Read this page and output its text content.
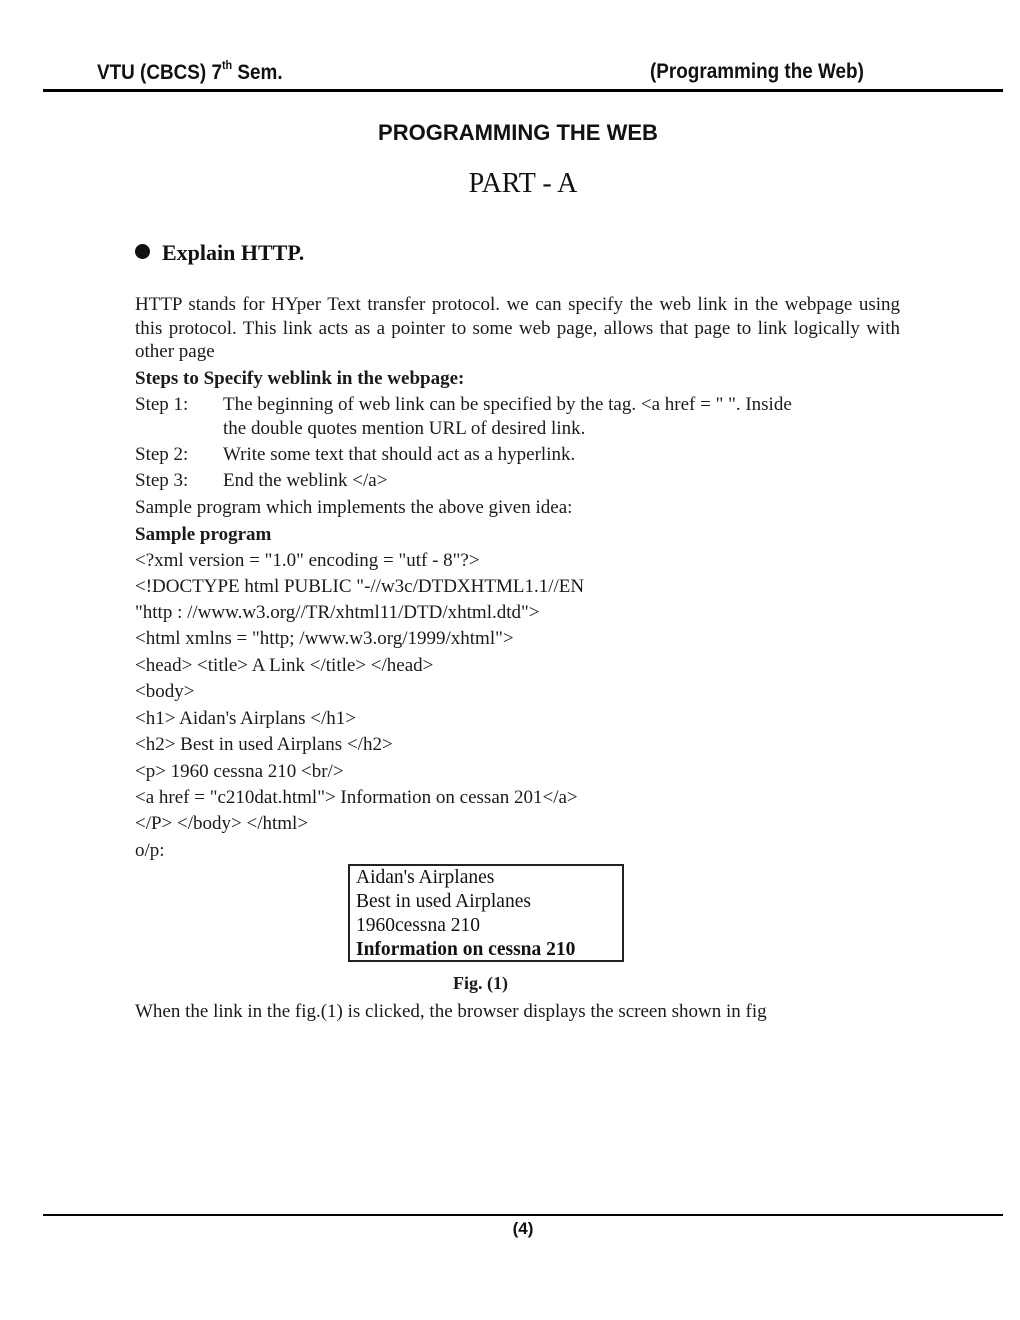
VTU (CBCS) 7th Sem.	(Programming the Web)
PROGRAMMING THE WEB
PART - A
Explain HTTP.
HTTP stands for HYper Text transfer protocol. we can specify the web link in the webpage using this protocol. This link acts as a pointer to some web page, allows that page to link logically with other page
Steps to Specify weblink in the webpage:
Step 1: The beginning of web link can be specified by the tag. <a href = " ". Inside
the double quotes mention URL of desired link.
Step 2: Write some text that should act as a hyperlink.
Step 3: End the weblink </a>
Sample program which implements the above given idea:
Sample program
<?xml version = "1.0" encoding = "utf - 8"?>
<!DOCTYPE html PUBLIC "-//w3c/DTDXHTML1.1//EN
"http : //www.w3.org//TR/xhtml11/DTD/xhtml.dtd">
<html xmlns = "http; /www.w3.org/1999/xhtml">
<head> <title> A Link </title> </head>
<body>
<h1> Aidan's Airplans </h1>
<h2> Best in used Airplans </h2>
<p> 1960 cessna 210 <br/>
<a href = "c210dat.html"> Information on cessan 201</a>
</P> </body> </html>
o/p:
Aidan's Airplanes
Best in used Airplanes
1960cessna 210
Information on cessna 210
Fig. (1)
When the link in the fig.(1) is clicked, the browser displays the screen shown in fig
(4)
